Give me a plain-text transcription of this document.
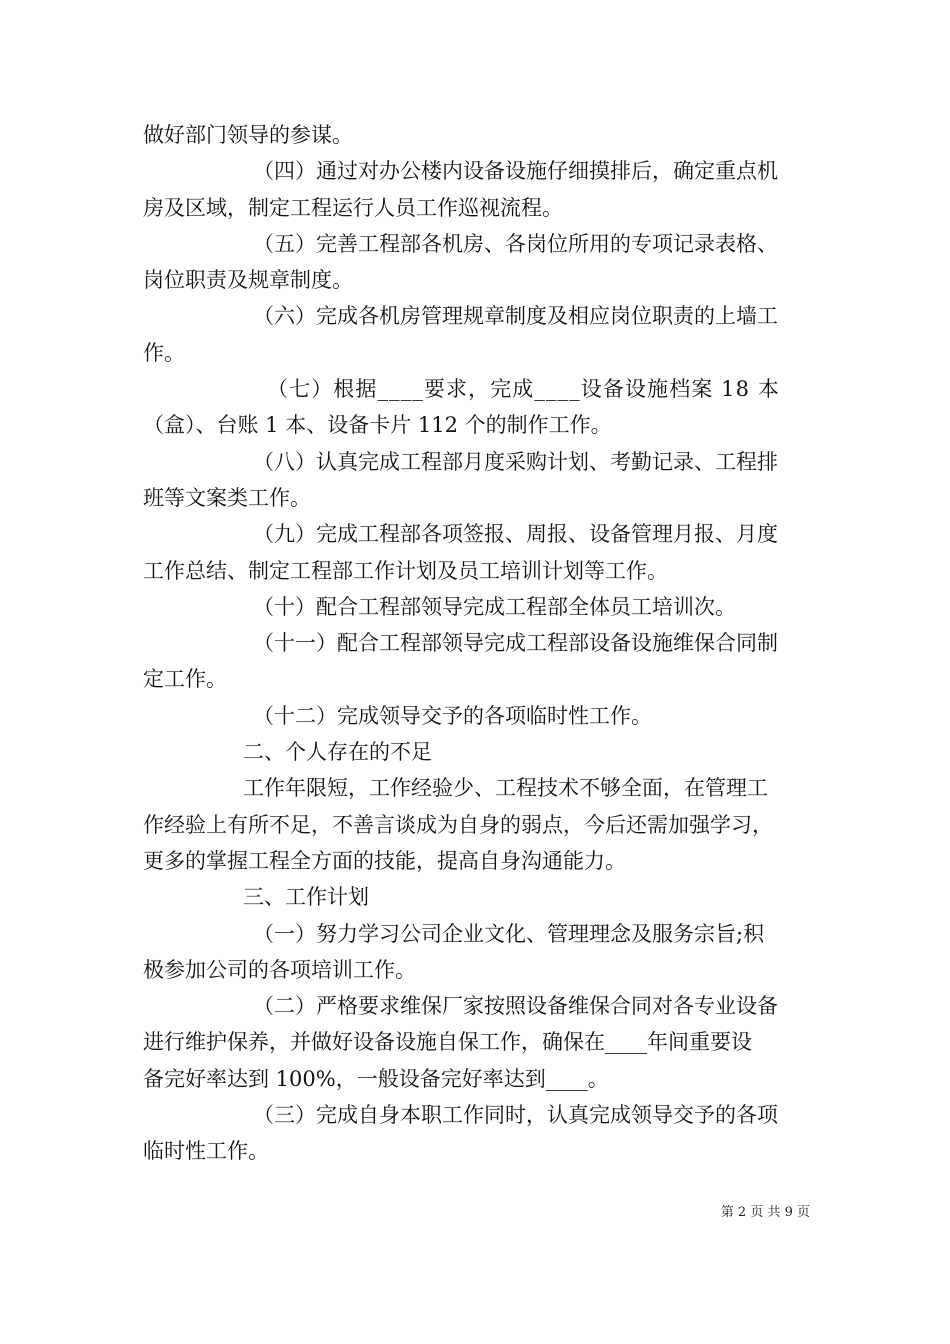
做好部门领导的参谋。
（四）通过对办公楼内设备设施仔细摸排后，确定重点机
房及区域，制定工程运行人员工作巡视流程。
（五）完善工程部各机房、各岗位所用的专项记录表格、
岗位职责及规章制度。
（六）完成各机房管理规章制度及相应岗位职责的上墙工
作。
（七）根据____要求，完成____设备设施档案 18 本
（盒）、台账 1 本、设备卡片 112 个的制作工作。
（八）认真完成工程部月度采购计划、考勤记录、工程排
班等文案类工作。
（九）完成工程部各项签报、周报、设备管理月报、月度
工作总结、制定工程部工作计划及员工培训计划等工作。
（十）配合工程部领导完成工程部全体员工培训次。
（十一）配合工程部领导完成工程部设备设施维保合同制
定工作。
（十二）完成领导交予的各项临时性工作。
二、个人存在的不足
工作年限短，工作经验少、工程技术不够全面，在管理工
作经验上有所不足，不善言谈成为自身的弱点，今后还需加强学习，
更多的掌握工程全方面的技能，提高自身沟通能力。
三、工作计划
（一）努力学习公司企业文化、管理理念及服务宗旨;积
极参加公司的各项培训工作。
（二）严格要求维保厂家按照设备维保合同对各专业设备
进行维护保养，并做好设备设施自保工作，确保在____年间重要设
备完好率达到 100%，一般设备完好率达到____。
（三）完成自身本职工作同时，认真完成领导交予的各项
临时性工作。
第 2 页 共 9 页
